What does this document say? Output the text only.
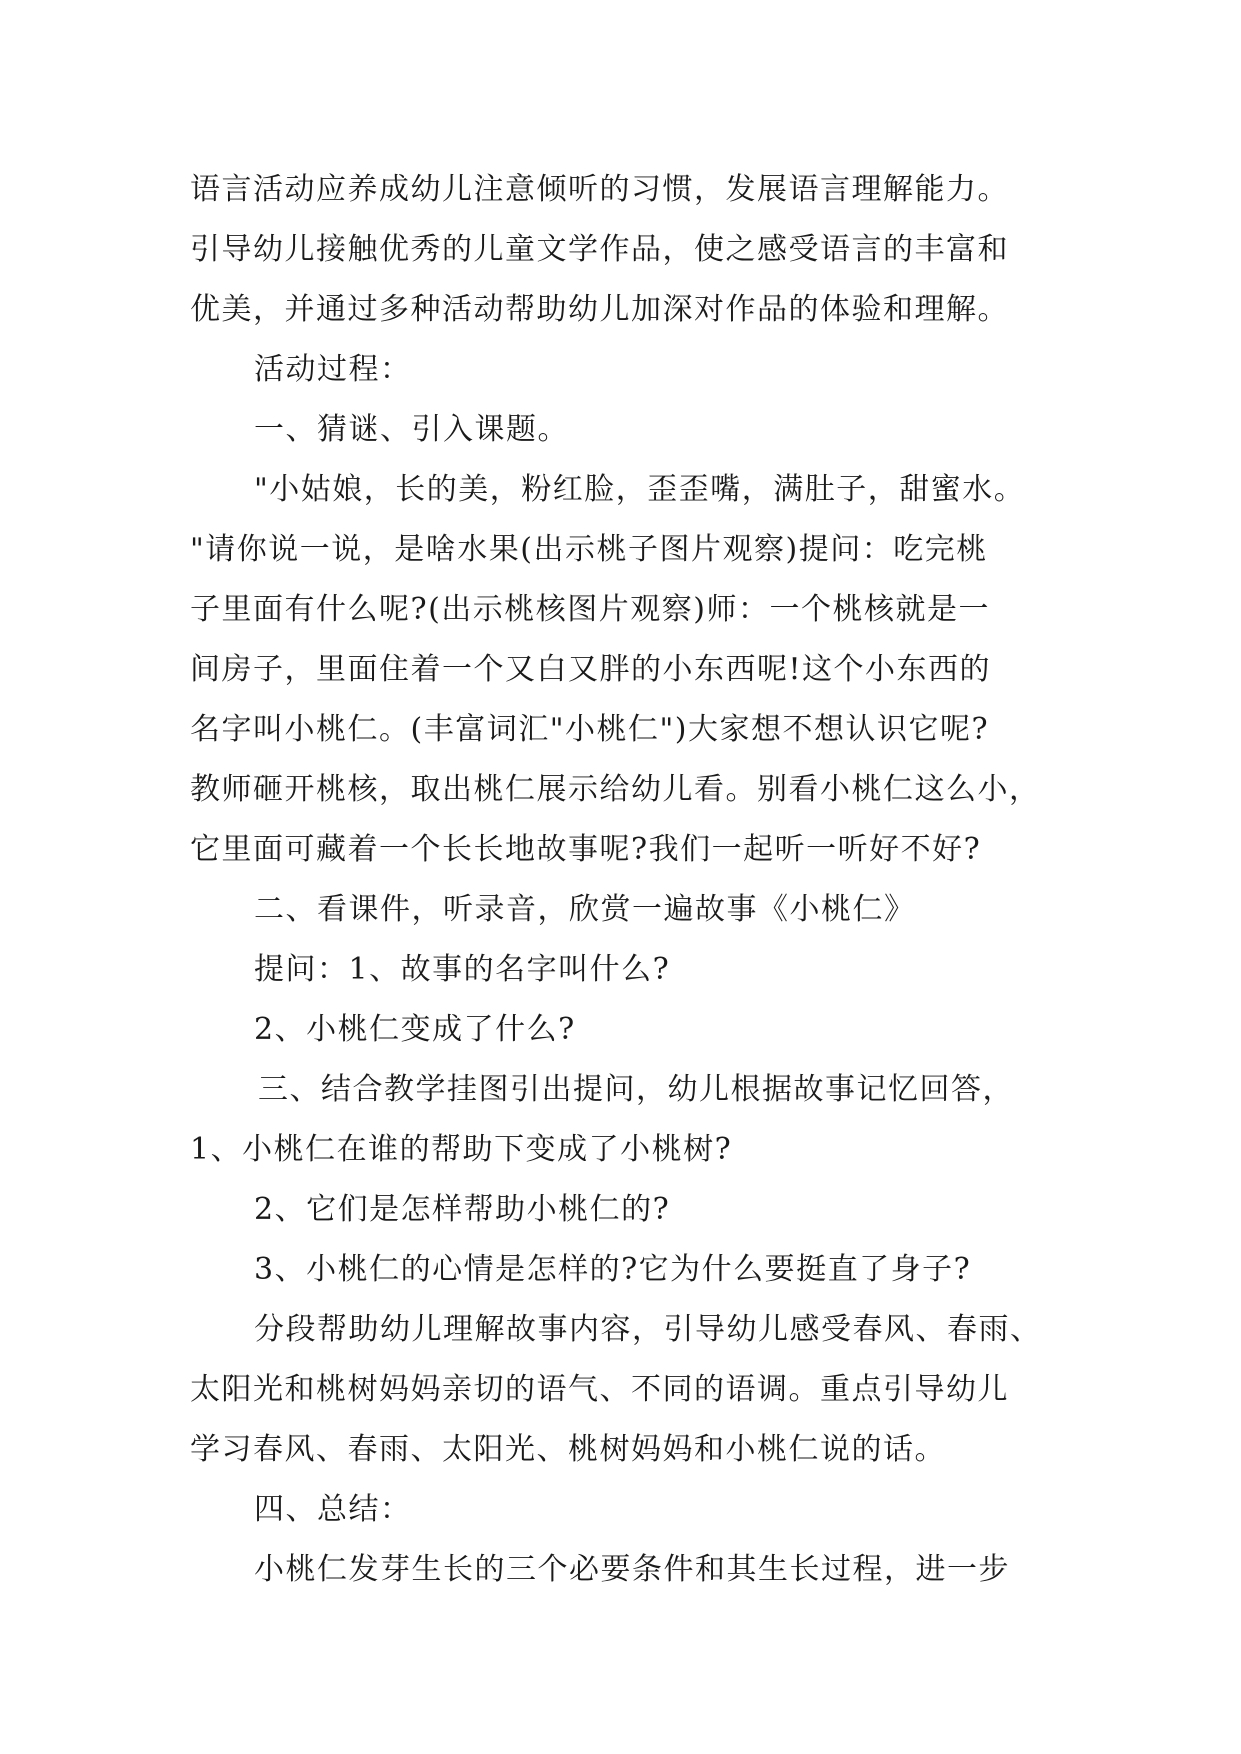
语言活动应养成幼儿注意倾听的习惯，发展语言理解能力。
引导幼儿接触优秀的儿童文学作品，使之感受语言的丰富和
优美，并通过多种活动帮助幼儿加深对作品的体验和理解。
活动过程：
一、猜谜、引入课题。
"小姑娘，长的美，粉红脸，歪歪嘴，满肚子，甜蜜水。
"请你说一说，是啥水果(出示桃子图片观察)提问：吃完桃
子里面有什么呢?(出示桃核图片观察)师：一个桃核就是一
间房子，里面住着一个又白又胖的小东西呢!这个小东西的
名字叫小桃仁。(丰富词汇"小桃仁")大家想不想认识它呢?
教师砸开桃核，取出桃仁展示给幼儿看。别看小桃仁这么小，
它里面可藏着一个长长地故事呢?我们一起听一听好不好?
二、看课件，听录音，欣赏一遍故事《小桃仁》
提问：1、故事的名字叫什么?
2、小桃仁变成了什么?
三、结合教学挂图引出提问，幼儿根据故事记忆回答，
1、小桃仁在谁的帮助下变成了小桃树?
2、它们是怎样帮助小桃仁的?
3、小桃仁的心情是怎样的?它为什么要挺直了身子?
分段帮助幼儿理解故事内容，引导幼儿感受春风、春雨、
太阳光和桃树妈妈亲切的语气、不同的语调。重点引导幼儿
学习春风、春雨、太阳光、桃树妈妈和小桃仁说的话。
四、总结：
小桃仁发芽生长的三个必要条件和其生长过程，进一步
